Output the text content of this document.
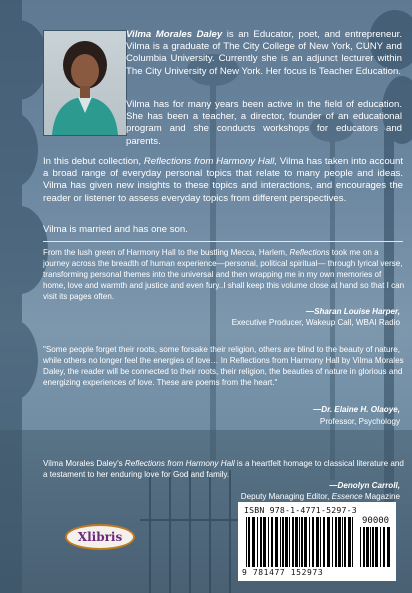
Vilma Morales Daley is an Educator, poet, and entrepreneur. Vilma is a graduate of The City College of New York, CUNY and Columbia University. Currently she is an adjunct lecturer within The City University of New York. Her focus is Teacher Education.

Vilma has for many years been active in the field of education. She has been a teacher, a director, founder of an educational program and she conducts workshops for educators and parents.

In this debut collection, Reflections from Harmony Hall, Vilma has taken into account a broad range of everyday personal topics that relate to many people and ideas. Vilma has given new insights to these topics and interactions, and encourages the reader or listener to assess everyday topics from different perspectives.

Vilma is married and has one son.

From the lush green of Harmony Hall to the bustling Mecca, Harlem, Reflections took me on a journey across the breadth of human experience—personal, political spiritual— through lyrical verse, transforming personal themes into the universal and then wrapping me in my own memories of home, love and warmth and justice and even fury..I shall keep this volume close at hand so that I can visit its pages often.

—Sharan Louise Harper,
Executive Producer, Wakeup Call, WBAI Radio

"Some people forget their roots, some forsake their religion, others are blind to the beauty of nature, while others no longer feel the energies of love… In Reflections from Harmony Hall by Vilma Morales Daley, the reader will be connected to their roots, their religion, the beauties of nature in glorious and energizing experiences of love. These are poems from the heart."

—Dr. Elaine H. Olaoye,
Professor, Psychology

Vilma Morales Daley's Reflections from Harmony Hall is a heartfelt homage to classical literature and a testament to her enduring love for God and family.

—Denolyn Carroll,
Deputy Managing Editor, Essence Magazine
Xlibris
ISBN 978-1-4771-5297-3
90000
9 781477 152973
